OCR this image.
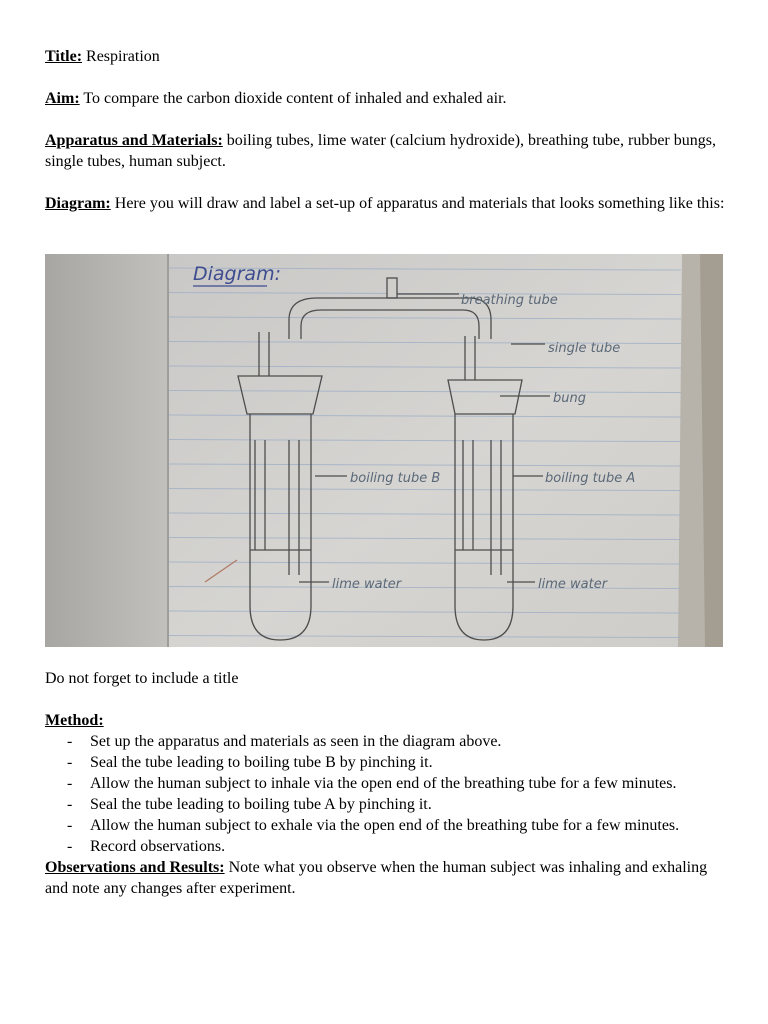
Title: Respiration

Aim: To compare the carbon dioxide content of inhaled and exhaled air.

Apparatus and Materials: boiling tubes, lime water (calcium hydroxide), breathing tube, rubber bungs, single tubes, human subject.

Diagram: Here you will draw and label a set-up of apparatus and materials that looks something like this:

Diagram:
breathing tube
single tube
bung
boiling tube B	boiling tube A
lime water	lime water

Do not forget to include a title

Method:

- Set up the apparatus and materials as seen in the diagram above.
- Seal the tube leading to boiling tube B by pinching it.
- Allow the human subject to inhale via the open end of the breathing tube for a few minutes.
- Seal the tube leading to boiling tube A by pinching it.
- Allow the human subject to exhale via the open end of the breathing tube for a few minutes.
- Record observations.

Observations and Results: Note what you observe when the human subject was inhaling and exhaling and note any changes after experiment.
